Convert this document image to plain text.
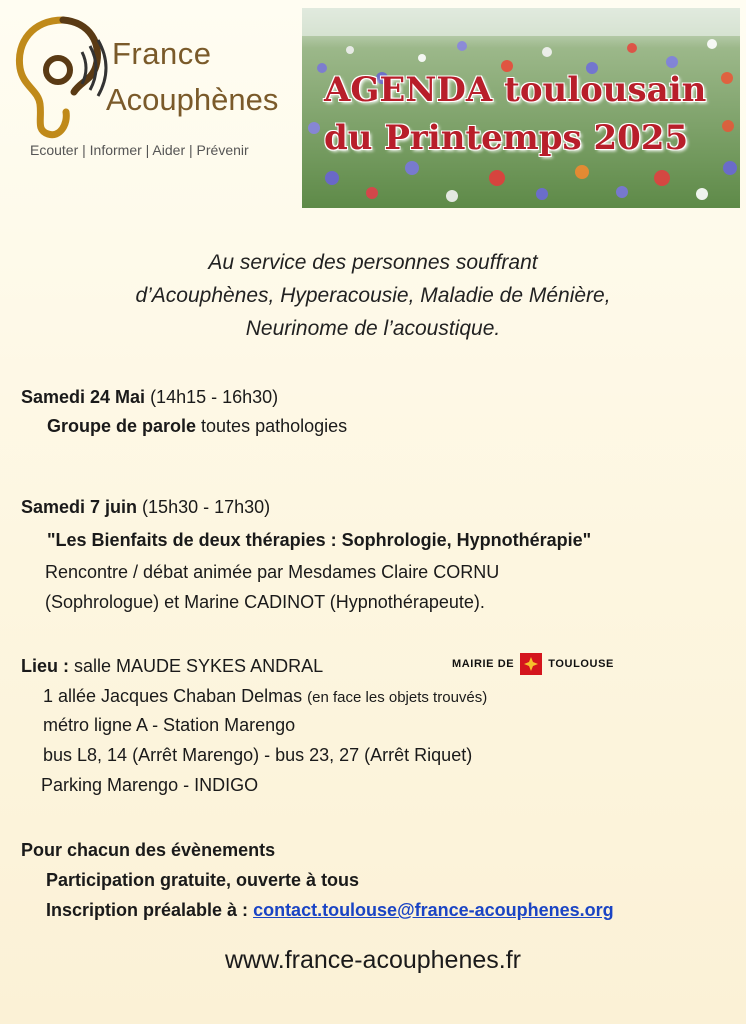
France
Acouphènes
Ecouter | Informer | Aider | Prévenir
AGENDA toulousain
du Printemps 2025
Au service des personnes souffrant
d’Acouphènes, Hyperacousie, Maladie de Ménière,
Neurinome de l’acoustique.
Samedi 24 Mai (14h15 - 16h30)
Groupe de parole toutes pathologies
Samedi 7 juin (15h30 - 17h30)
"Les Bienfaits de deux thérapies : Sophrologie, Hypnothérapie"
Rencontre / débat animée par Mesdames Claire CORNU
(Sophrologue) et Marine CADINOT (Hypnothérapeute).
Lieu : salle MAUDE SYKES ANDRAL	MAIRIE DE	TOULOUSE
1 allée Jacques Chaban Delmas (en face les objets trouvés)
métro ligne A - Station Marengo
bus L8, 14 (Arrêt Marengo) - bus 23, 27 (Arrêt Riquet)
Parking Marengo - INDIGO
Pour chacun des évènements
Participation gratuite, ouverte à tous
Inscription préalable à : contact.toulouse@france-acouphenes.org
www.france-acouphenes.fr
